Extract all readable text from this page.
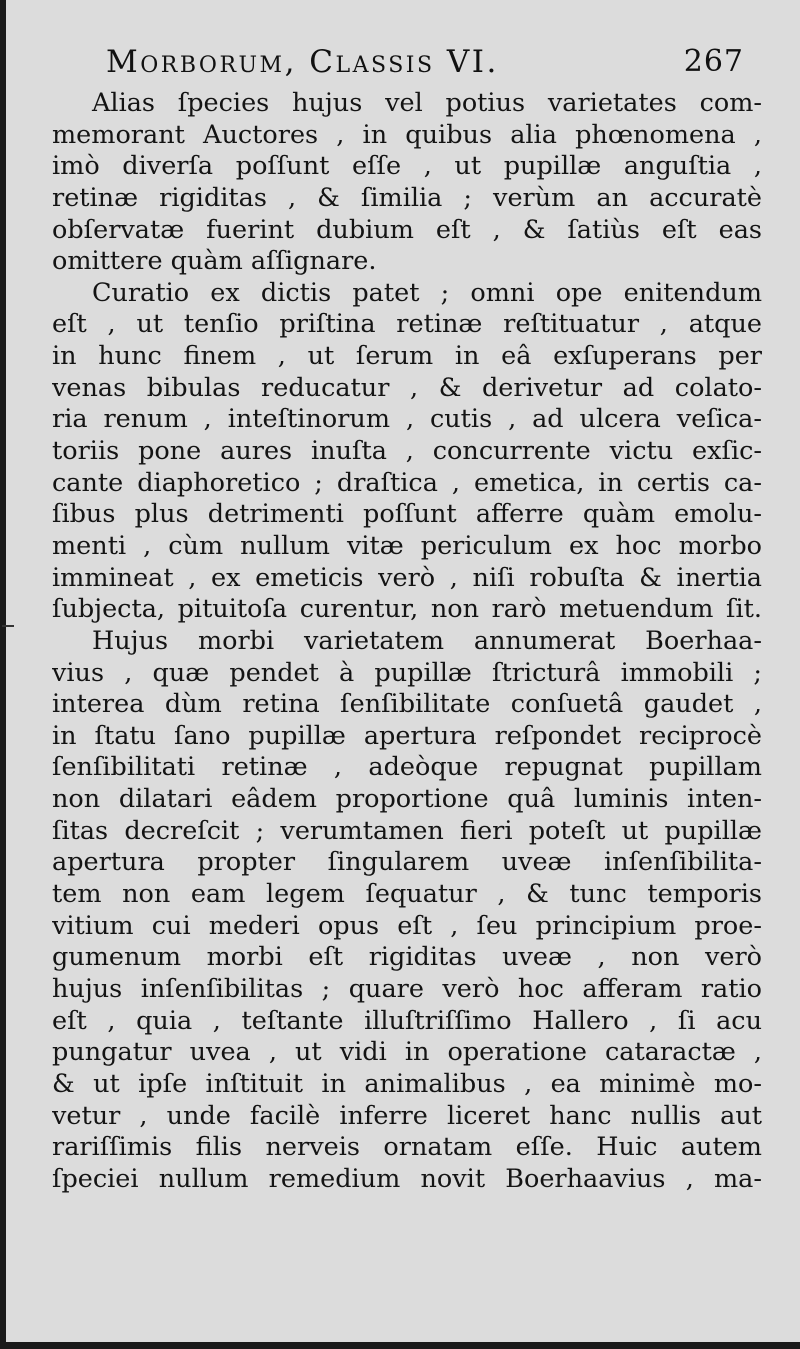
Morborum, Classis VI.	267
Alias ſpecies hujus vel potius varietates com-
memorant Auctores , in quibus alia phœnomena ,
imò diverſa poſſunt eſſe , ut pupillæ anguſtia ,
retinæ rigiditas , & ſimilia ; verùm an accuratè
obſervatæ fuerint dubium eſt , & ſatiùs eſt eas
omittere quàm aſſignare.
Curatio ex dictis patet ; omni ope enitendum
eſt , ut tenſio priſtina retinæ reſtituatur , atque
in hunc finem , ut ſerum in eâ exſuperans per
venas bibulas reducatur , & derivetur ad colato-
ria renum , inteſtinorum , cutis , ad ulcera veſica-
toriis pone aures inuſta , concurrente victu exſic-
cante diaphoretico ; draſtica , emetica, in certis ca-
ſibus plus detrimenti poſſunt afferre quàm emolu-
menti , cùm nullum vitæ periculum ex hoc morbo
immineat , ex emeticis verò , niſi robuſta & inertia
ſubjecta, pituitoſa curentur, non rarò metuendum ſit.
Hujus morbi varietatem annumerat Boerhaa-
vius , quæ pendet à pupillæ ſtricturâ immobili ;
interea dùm retina ſenſibilitate conſuetâ gaudet ,
in ſtatu ſano pupillæ apertura reſpondet reciprocè
ſenſibilitati retinæ , adeòque repugnat pupillam
non dilatari eâdem proportione quâ luminis inten-
ſitas decreſcit ; verumtamen fieri poteſt ut pupillæ
apertura propter ſingularem uveæ inſenſibilita-
tem non eam legem ſequatur , & tunc temporis
vitium cui mederi opus eſt , ſeu principium proe-
gumenum morbi eſt rigiditas uveæ , non verò
hujus inſenſibilitas ; quare verò hoc afferam ratio
eſt , quia , teſtante illuſtriſſimo Hallero , ſi acu
pungatur uvea , ut vidi in operatione cataractæ ,
& ut ipſe inſtituit in animalibus , ea minimè mo-
vetur , unde facilè inferre liceret hanc nullis aut
rariſſimis filis nerveis ornatam eſſe. Huic autem
ſpeciei nullum remedium novit Boerhaavius , ma-
